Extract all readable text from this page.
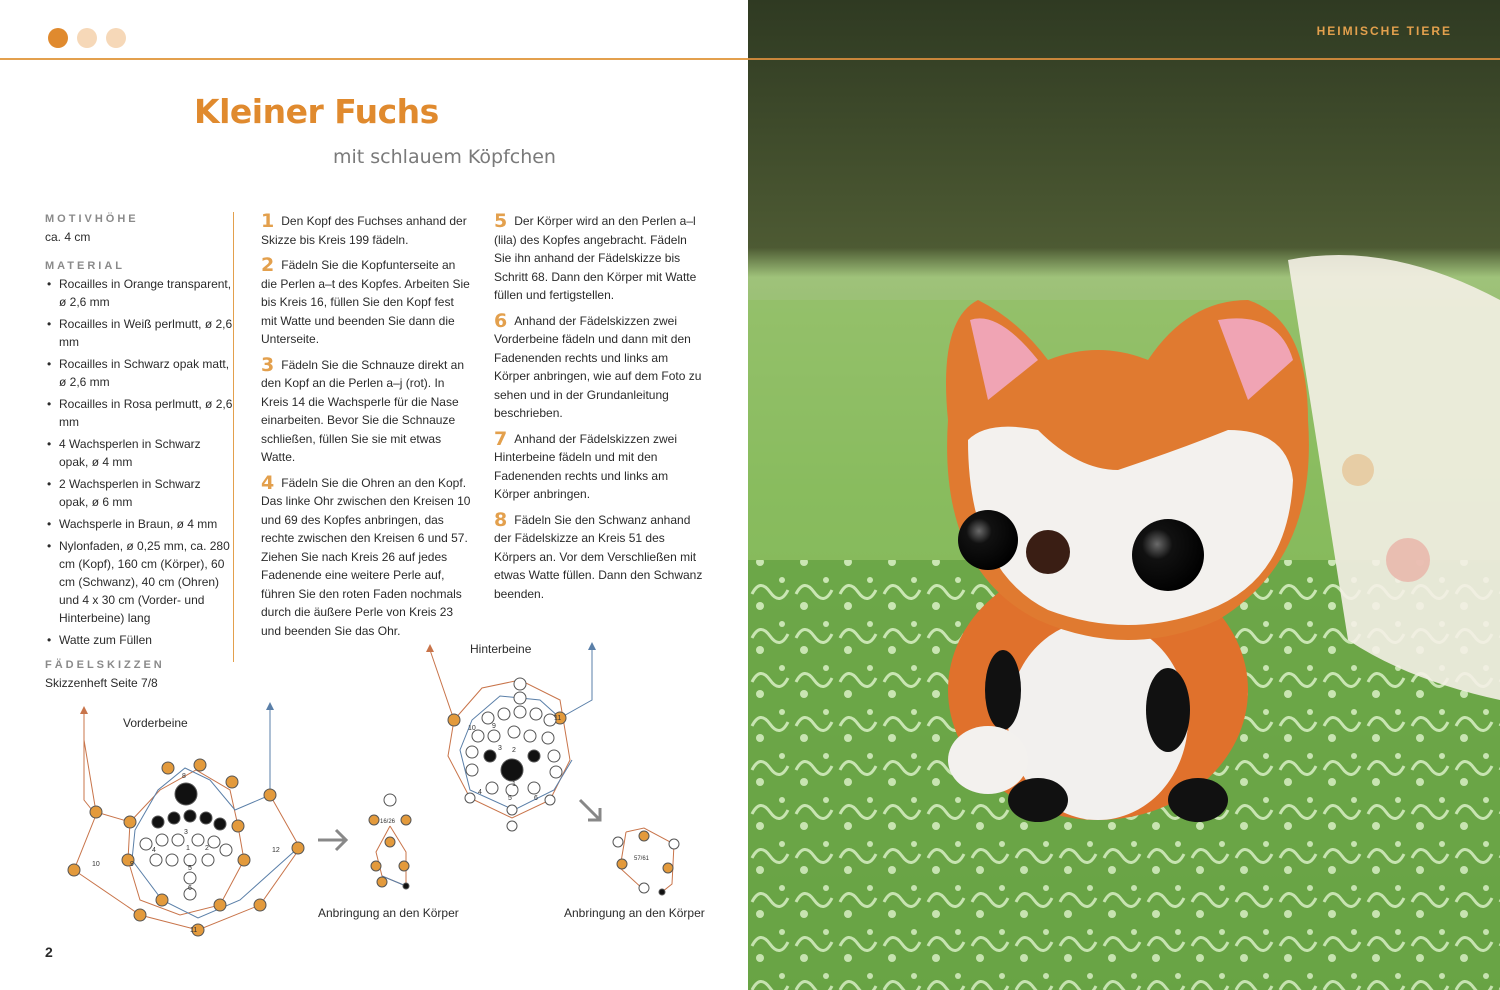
Kleiner Fuchs
mit schlauem Köpfchen
MOTIVHÖHE
ca. 4 cm
MATERIAL
• Rocailles in Orange transparent, ø 2,6 mm
• Rocailles in Weiß perlmutt, ø 2,6 mm
• Rocailles in Schwarz opak matt, ø 2,6 mm
• Rocailles in Rosa perlmutt, ø 2,6 mm
• 4 Wachsperlen in Schwarz opak, ø 4 mm
• 2 Wachsperlen in Schwarz opak, ø 6 mm
• Wachsperle in Braun, ø 4 mm
• Nylonfaden, ø 0,25 mm, ca. 280 cm (Kopf), 160 cm (Körper), 60 cm (Schwanz), 40 cm (Ohren) und 4 x 30 cm (Vorder- und Hinterbeine) lang
• Watte zum Füllen
FÄDELSKIZZEN
Skizzenheft Seite 7/8
1 Den Kopf des Fuchses anhand der Skizze bis Kreis 199 fädeln.
2 Fädeln Sie die Kopfunterseite an die Perlen a–t des Kopfes. Arbeiten Sie bis Kreis 16, füllen Sie den Kopf fest mit Watte und beenden Sie dann die Unterseite.
3 Fädeln Sie die Schnauze direkt an den Kopf an die Perlen a–j (rot). In Kreis 14 die Wachsperle für die Nase einarbeiten. Bevor Sie die Schnauze schließen, füllen Sie sie mit etwas Watte.
4 Fädeln Sie die Ohren an den Kopf. Das linke Ohr zwischen den Kreisen 10 und 69 des Kopfes anbringen, das rechte zwischen den Kreisen 6 und 57. Ziehen Sie nach Kreis 26 auf jedes Fadenende eine weitere Perle auf, führen Sie den roten Faden nochmals durch die äußere Perle von Kreis 23 und beenden Sie das Ohr.
5 Der Körper wird an den Perlen a–l (lila) des Kopfes angebracht. Fädeln Sie ihn anhand der Fädelskizze bis Schritt 68. Dann den Körper mit Watte füllen und fertigstellen.
6 Anhand der Fädelskizzen zwei Vorderbeine fädeln und dann mit den Fadenenden rechts und links am Körper anbringen, wie auf dem Foto zu sehen und in der Grundanleitung beschrieben.
7 Anhand der Fädelskizzen zwei Hinterbeine fädeln und mit den Fadenenden rechts und links am Körper anbringen.
8 Fädeln Sie den Schwanz anhand der Fädelskizze an Kreis 51 des Körpers an. Vor dem Verschließen mit etwas Watte füllen. Dann den Schwanz beenden.
Vorderbeine
Hinterbeine
Anbringung an den Körper	Anbringung an den Körper
8
3
1 2
4
5
6
9
10
12
11
16/26
10 9
3 2
1
4
5	6
11
57/61
2
HEIMISCHE TIERE
